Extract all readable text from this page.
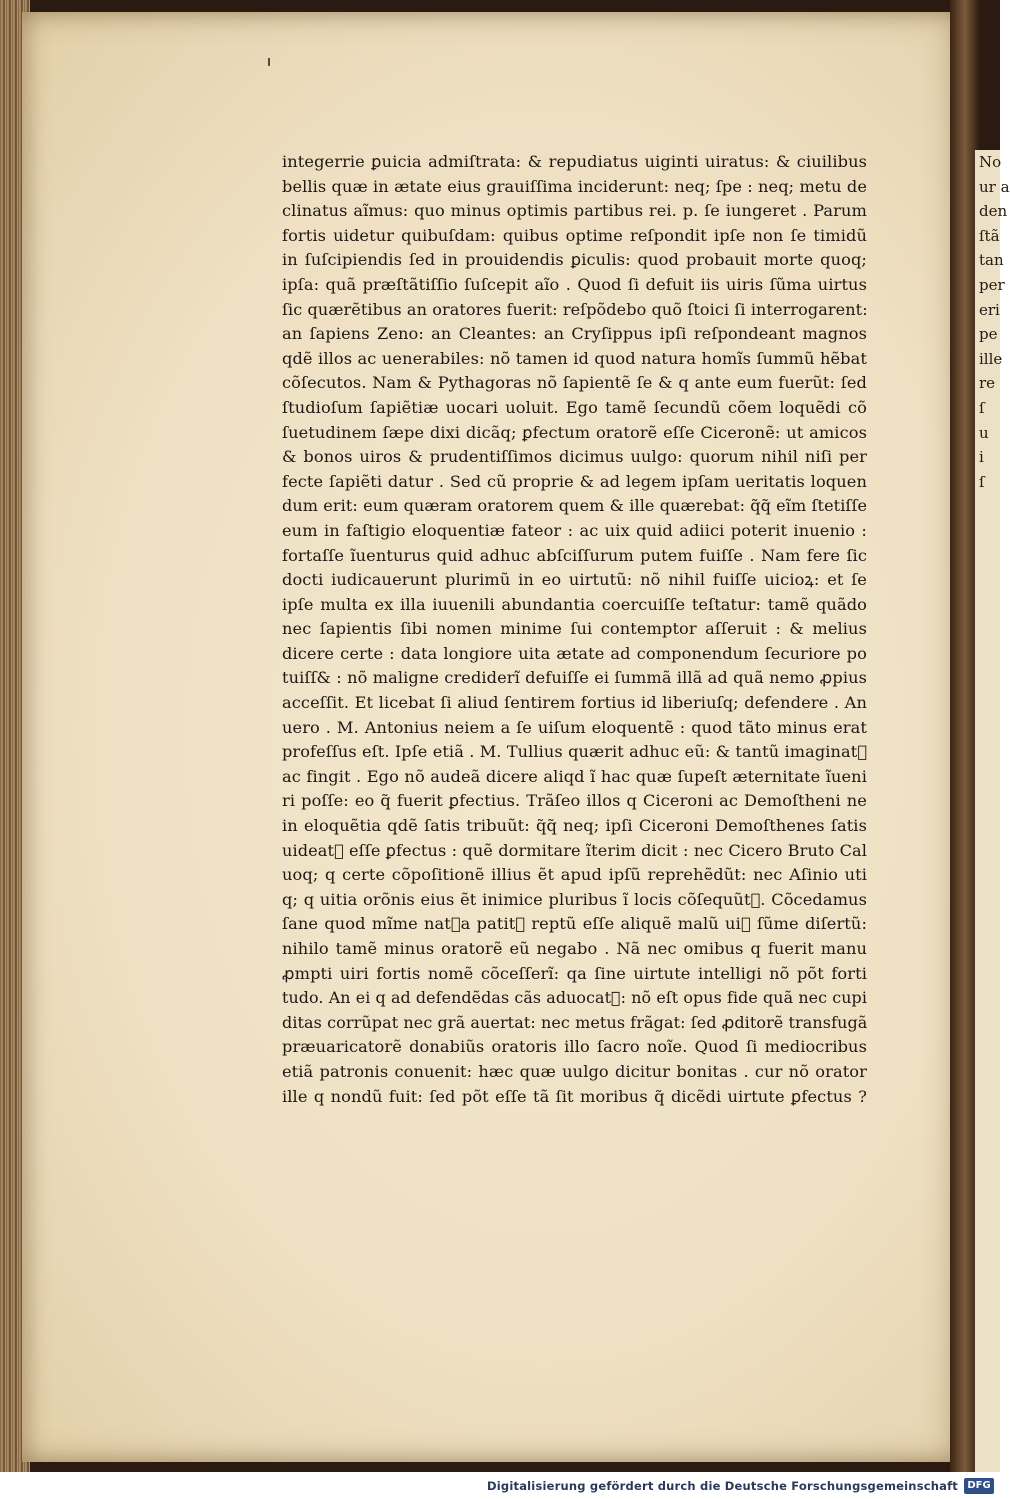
No
ur a
den
ſtã
tan
per
eri
pe
ille
re
ſ
u
i
ſ
integerrie ꝑuicia admiſtrata: & repudiatus uiginti uiratus: & ciuilibus
bellis quæ in ætate eius grauiſſima inciderunt: neq; ſpe : neq; metu de
clinatus aĩmus: quo minus optimis partibus rei. p. ſe iungeret . Parum
fortis uidetur quibuſdam: quibus optime reſpondit ipſe non ſe timidũ
in ſuſcipiendis ſed in prouidendis ꝑiculis: quod probauit morte quoq;
ipſa: quã præſtãtiſſio ſuſcepit aĩo . Quod ſi defuit iis uiris ſũma uirtus
ſic quærẽtibus an oratores fuerit: reſpõdebo quõ ſtoici ſi interrogarent:
an ſapiens Zeno: an Cleantes: an Cryſippus ipſi reſpondeant magnos
qdẽ illos ac uenerabiles: nõ tamen id quod natura homĩs ſummũ hẽbat
cõſecutos. Nam & Pythagoras nõ ſapientẽ ſe & q ante eum fuerũt: ſed
ſtudioſum ſapiẽtiæ uocari uoluit. Ego tamẽ ſecundũ cõem loquẽdi cõ
ſuetudinem ſæpe dixi dicãq; ꝑfectum oratorẽ eſſe Ciceronẽ: ut amicos
& bonos uiros & prudentiſſimos dicimus uulgo: quorum nihil niſi per
fecte ſapiẽti datur . Sed cũ proprie & ad legem ipſam ueritatis loquen
dum erit: eum quæram oratorem quem & ille quærebat: q̃q̃ eĩm ſtetiſſe
eum in faſtigio eloquentiæ fateor : ac uix quid adiici poterit inuenio :
fortaſſe ĩuenturus quid adhuc abſciſſurum putem fuiſſe . Nam fere ſic
docti iudicauerunt plurimũ in eo uirtutũ: nõ nihil fuiſſe uicioꝝ: et ſe
ipſe multa ex illa iuuenili abundantia coercuiſſe teſtatur: tamẽ quãdo
nec ſapientis ſibi nomen minime ſui contemptor aſſeruit : & melius
dicere certe : data longiore uita ætate ad componendum ſecuriore po
tuiſſ& : nõ maligne crediderĩ defuiſſe ei ſummã illã ad quã nemo ꝓpius
acceſſit. Et licebat ſi aliud ſentirem fortius id liberiuſq; defendere . An
uero . M. Antonius neiem a ſe uiſum eloquentẽ : quod tãto minus erat
profeſſus eſt. Ipſe etiã . M. Tullius quærit adhuc eũ: & tantũ imaginatᷣ
ac fingit . Ego nõ audeã dicere aliqd ĩ hac quæ ſupeſt æternitate ĩueni
ri poſſe: eo q̃ fuerit ꝑfectius. Trãſeo illos q Ciceroni ac Demoſtheni ne
in eloquẽtia qdẽ ſatis tribuũt: q̃q̃ neq; ipſi Ciceroni Demoſthenes ſatis
uideatᷣ eſſe ꝑfectus : quẽ dormitare ĩterim dicit : nec Cicero Bruto Cal
uoq; q certe cõpoſitionẽ illius ẽt apud ipſũ reprehẽdũt: nec Aſinio uti
q; q uitia orõnis eius ẽt inimice pluribus ĩ locis cõſequũtᷣ. Cõcedamus
ſane quod mĩme natᷓa patitᷣ reptũ eſſe aliquẽ malũ uiꝝ ſũme diſertũ:
nihilo tamẽ minus oratorẽ eũ negabo . Nã nec omibus q fuerit manu
ꝓmpti uiri fortis nomẽ cõceſſerĩ: qa ſine uirtute intelligi nõ põt forti
tudo. An ei q ad defendẽdas cãs aduocatᷣ: nõ eſt opus fide quã nec cupi
ditas corrũpat nec grã auertat: nec metus frãgat: ſed ꝓditorẽ transfugã
præuaricatorẽ donabiũs oratoris illo ſacro noĩe. Quod ſi mediocribus
etiã patronis conuenit: hæc quæ uulgo dicitur bonitas . cur nõ orator
ille q nondũ fuit: ſed põt eſſe tã ſit moribus q̃ dicẽdi uirtute ꝑfectus ?
Digitalisierung gefördert durch die Deutsche Forschungsgemeinschaft DFG
